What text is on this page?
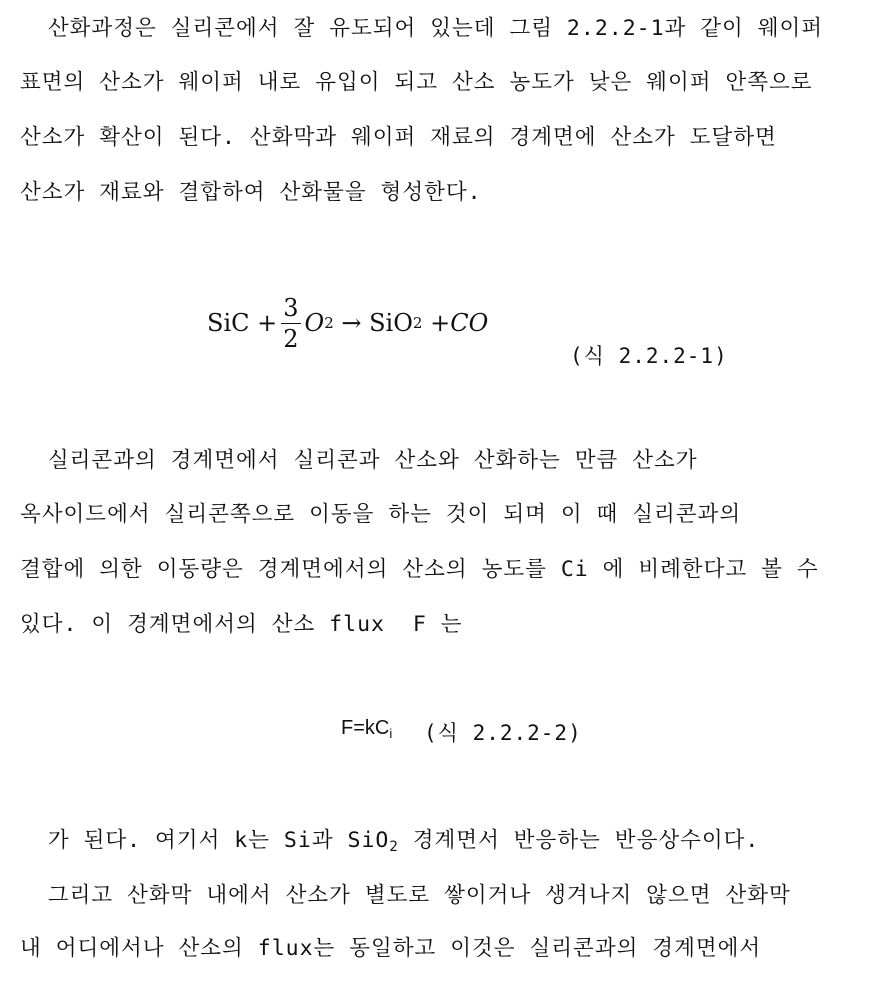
산화과정은 실리콘에서 잘 유도되어 있는데 그림 2.2.2-1과 같이 웨이퍼
표면의 산소가 웨이퍼 내로 유입이 되고 산소 농도가 낮은 웨이퍼 안쪽으로
산소가 확산이 된다. 산화막과 웨이퍼 재료의 경계면에 산소가 도달하면
산소가 재료와 결합하여 산화물을 형성한다.
SiC + $\frac{3}{2}$ O 2 → SiO 2 + CO
(식 2.2.2-1)
실리콘과의 경계면에서 실리콘과 산소와 산화하는 만큼 산소가
옥사이드에서 실리콘쪽으로 이동을 하는 것이 되며 이 때 실리콘과의
결합에 의한 이동량은 경계면에서의 산소의 농도를 Ci 에 비례한다고 볼 수
있다. 이 경계면에서의 산소 flux  F 는
$F=kC_i$ (식 2.2.2-2)
가 된다. 여기서 k는 Si과 SiO$_2$ 경계면서 반응하는 반응상수이다.
그리고 산화막 내에서 산소가 별도로 쌓이거나 생겨나지 않으면 산화막
내 어디에서나 산소의 flux는 동일하고 이것은 실리콘과의 경계면에서
